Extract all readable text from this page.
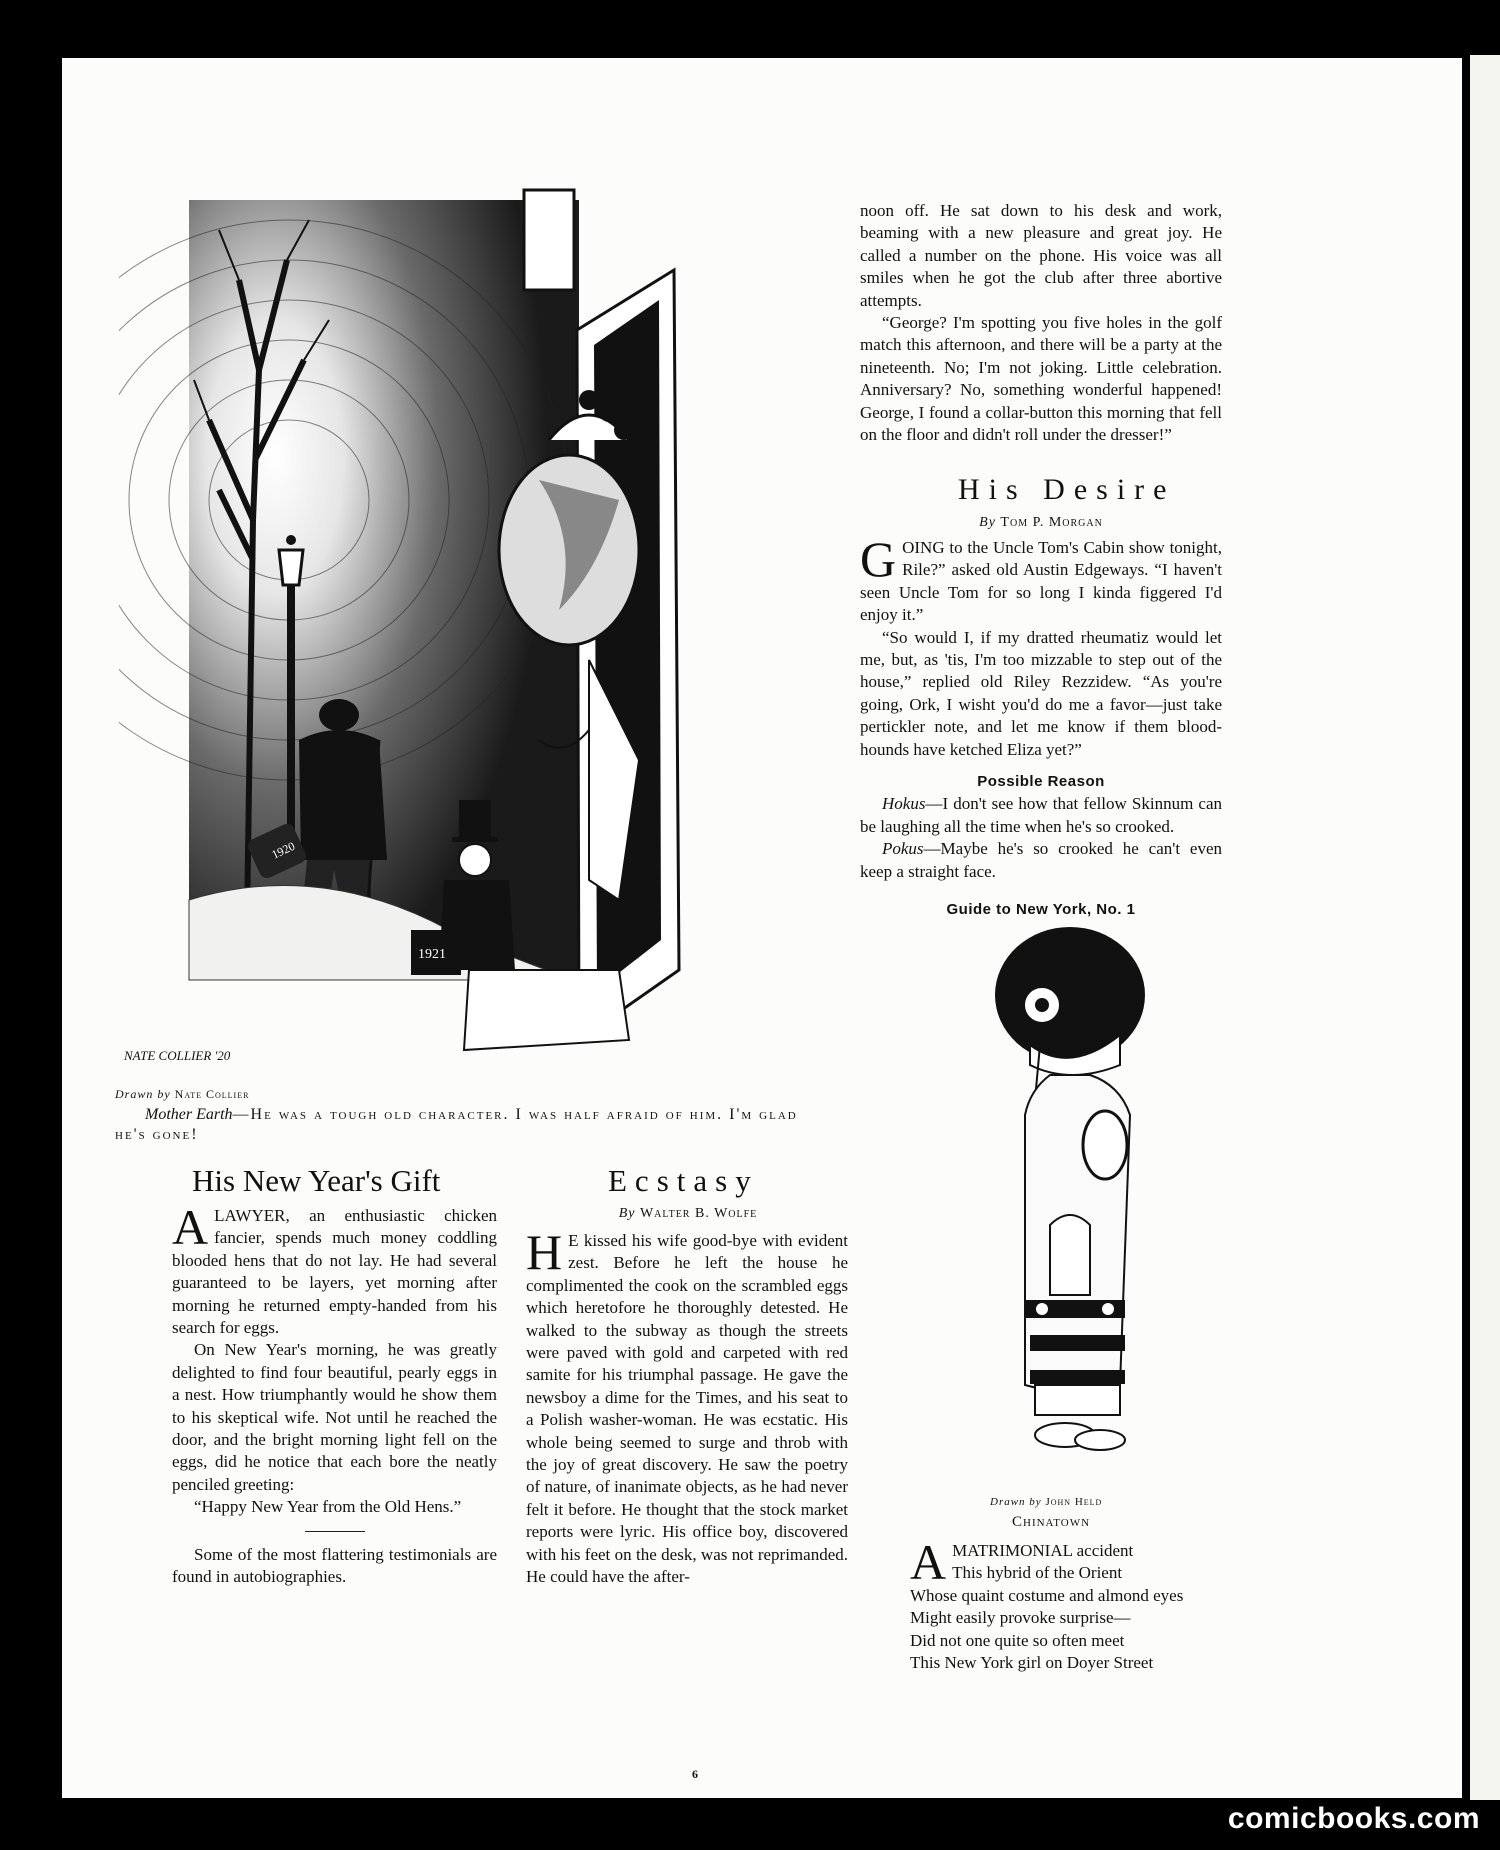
1920
1921
NATE COLLIER '20
Drawn by Nate Collier
Mother Earth—He was a tough old character. I was half afraid of him. I'm glad he's gone!
His New Year's Gift

ALAWYER, an enthusiastic chicken fancier, spends much money coddling blooded hens that do not lay. He had several guaranteed to be layers, yet morning after morning he returned empty-handed from his search for eggs.

On New Year's morning, he was greatly delighted to find four beautiful, pearly eggs in a nest. How triumphantly would he show them to his skeptical wife. Not until he reached the door, and the bright morning light fell on the eggs, did he notice that each bore the neatly penciled greeting:

“Happy New Year from the Old Hens.”

Some of the most flattering testimonials are found in autobiographies.

Ecstasy
By Walter B. Wolfe

H E kissed his wife good-bye with evident zest. Before he left the house he complimented the cook on the scrambled eggs which heretofore he thoroughly detested. He walked to the subway as though the streets were paved with gold and carpeted with red samite for his triumphal passage. He gave the newsboy a dime for the Times, and his seat to a Polish washer-woman. He was ecstatic. His whole being seemed to surge and throb with the joy of great discovery. He saw the poetry of nature, of inanimate objects, as he had never felt it before. He thought that the stock market reports were lyric. His office boy, discovered with his feet on the desk, was not reprimanded. He could have the after-

noon off. He sat down to his desk and work, beaming with a new pleasure and great joy. He called a number on the phone. His voice was all smiles when he got the club after three abortive attempts.

“George? I'm spotting you five holes in the golf match this afternoon, and there will be a party at the nineteenth. No; I'm not joking. Little celebration. Anniversary? No, something wonderful happened! George, I found a collar-button this morning that fell on the floor and didn't roll under the dresser!”

His Desire
By Tom P. Morgan

GOING to the Uncle Tom's Cabin show tonight, Rile?” asked old Austin Edgeways. “I haven't seen Uncle Tom for so long I kinda figgered I'd enjoy it.”

“So would I, if my dratted rheumatiz would let me, but, as 'tis, I'm too mizzable to step out of the house,” replied old Riley Rezzidew. “As you're going, Ork, I wisht you'd do me a favor—just take pertickler note, and let me know if them blood-hounds have ketched Eliza yet?”

Possible Reason

Hokus—I don't see how that fellow Skinnum can be laughing all the time when he's so crooked.

Pokus—Maybe he's so crooked he can't even keep a straight face.

Guide to New York, No. 1
Drawn by John Held
Chinatown

AMATRIMONIAL accident

This hybrid of the Orient

Whose quaint costume and almond eyes

Might easily provoke surprise—

Did not one quite so often meet

This New York girl on Doyer Street

6
comicbooks.com
